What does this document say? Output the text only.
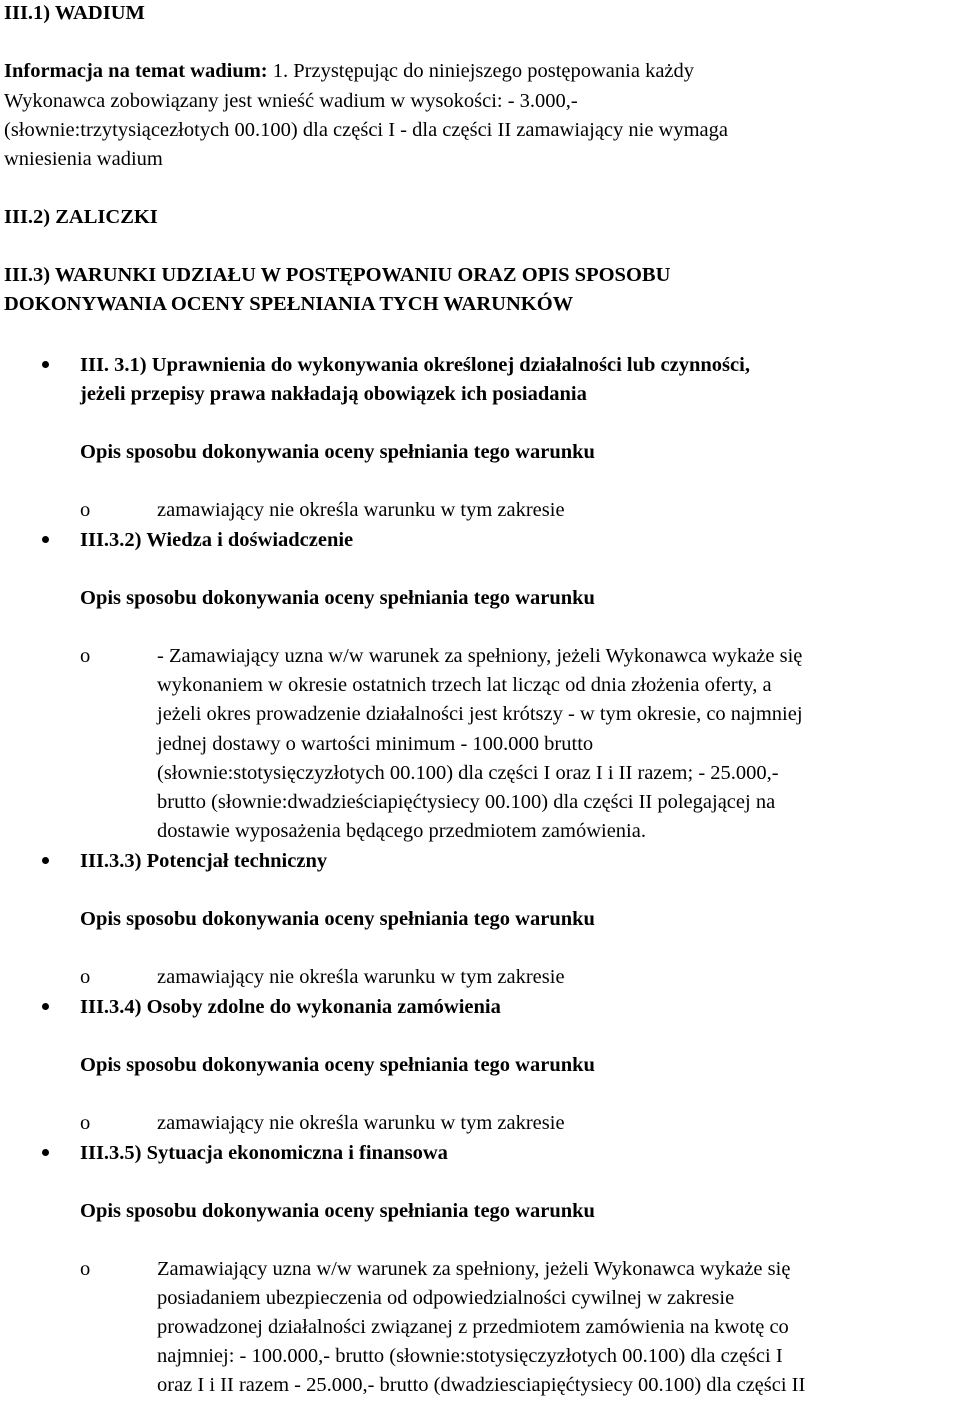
III.1) WADIUM
Informacja na temat wadium: 1. Przystępując do niniejszego postępowania każdy
Wykonawca zobowiązany jest wnieść wadium w wysokości: - 3.000,-
(słownie:trzytysiącezłotych 00.100) dla części I - dla części II zamawiający nie wymaga
wniesienia wadium
III.2) ZALICZKI
III.3) WARUNKI UDZIAŁU W POSTĘPOWANIU ORAZ OPIS SPOSOBU
DOKONYWANIA OCENY SPEŁNIANIA TYCH WARUNKÓW
III. 3.1) Uprawnienia do wykonywania określonej działalności lub czynności,
jeżeli przepisy prawa nakładają obowiązek ich posiadania
Opis sposobu dokonywania oceny spełniania tego warunku
o	zamawiający nie określa warunku w tym zakresie
III.3.2) Wiedza i doświadczenie
Opis sposobu dokonywania oceny spełniania tego warunku
o	- Zamawiający uzna w/w warunek za spełniony, jeżeli Wykonawca wykaże się
wykonaniem w okresie ostatnich trzech lat licząc od dnia złożenia oferty, a
jeżeli okres prowadzenie działalności jest krótszy - w tym okresie, co najmniej
jednej dostawy o wartości minimum - 100.000 brutto
(słownie:stotysięczyzłotych 00.100) dla części I oraz I i II razem; - 25.000,-
brutto (słownie:dwadzieściapięćtysiecy 00.100) dla części II polegającej na
dostawie wyposażenia będącego przedmiotem zamówienia.
III.3.3) Potencjał techniczny
Opis sposobu dokonywania oceny spełniania tego warunku
o	zamawiający nie określa warunku w tym zakresie
III.3.4) Osoby zdolne do wykonania zamówienia
Opis sposobu dokonywania oceny spełniania tego warunku
o	zamawiający nie określa warunku w tym zakresie
III.3.5) Sytuacja ekonomiczna i finansowa
Opis sposobu dokonywania oceny spełniania tego warunku
o	Zamawiający uzna w/w warunek za spełniony, jeżeli Wykonawca wykaże się
posiadaniem ubezpieczenia od odpowiedzialności cywilnej w zakresie
prowadzonej działalności związanej z przedmiotem zamówienia na kwotę co
najmniej: - 100.000,- brutto (słownie:stotysięczyzłotych 00.100) dla części I
oraz I i II razem - 25.000,- brutto (dwadziesciapięćtysiecy 00.100) dla części II
